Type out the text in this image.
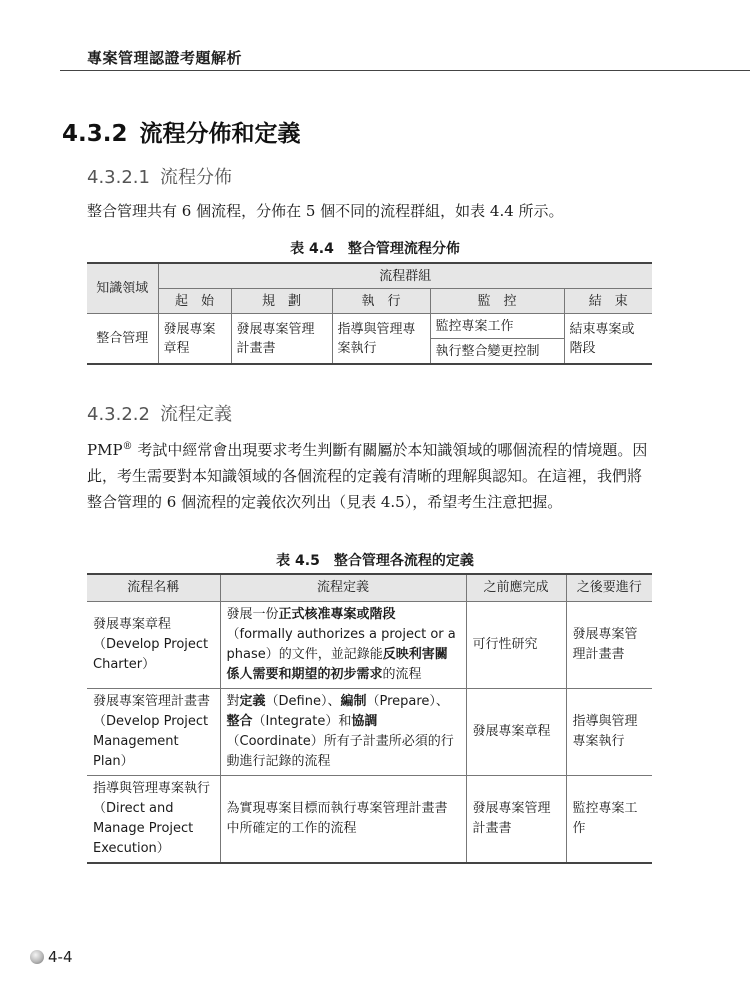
專案管理認證考題解析
4.3.2 流程分佈和定義
4.3.2.1 流程分佈

整合管理共有 6 個流程，分佈在 5 個不同的流程群組，如表 4.4 所示。

表 4.4　整合管理流程分佈
知識領域	流程群組				
	起　始	規　劃	執　行	監　控	結　束
整合管理	發展專案章程	發展專案管理計畫書	指導與管理專案執行	監控專案工作	結束專案或階段
				執行整合變更控制	
4.3.2.2 流程定義

PMP® 考試中經常會出現要求考生判斷有關屬於本知識領域的哪個流程的情境題。因此，考生需要對本知識領域的各個流程的定義有清晰的理解與認知。在這裡，我們將整合管理的 6 個流程的定義依次列出（見表 4.5），希望考生注意把握。

表 4.5　整合管理各流程的定義
流程名稱	流程定義	之前應完成	之後要進行
發展專案章程（Develop Project Charter）	發展一份正式核准專案或階段（formally authorizes a project or a phase）的文件，並記錄能反映利害關係人需要和期望的初步需求的流程	可行性研究	發展專案管理計畫書
發展專案管理計畫書（Develop Project Management Plan）	對定義（Define）、編制（Prepare）、整合（Integrate）和協調（Coordinate）所有子計畫所必須的行動進行記錄的流程	發展專案章程	指導與管理專案執行
指導與管理專案執行（Direct and Manage Project Execution）	為實現專案目標而執行專案管理計畫書中所確定的工作的流程	發展專案管理計畫書	監控專案工作
4-4
